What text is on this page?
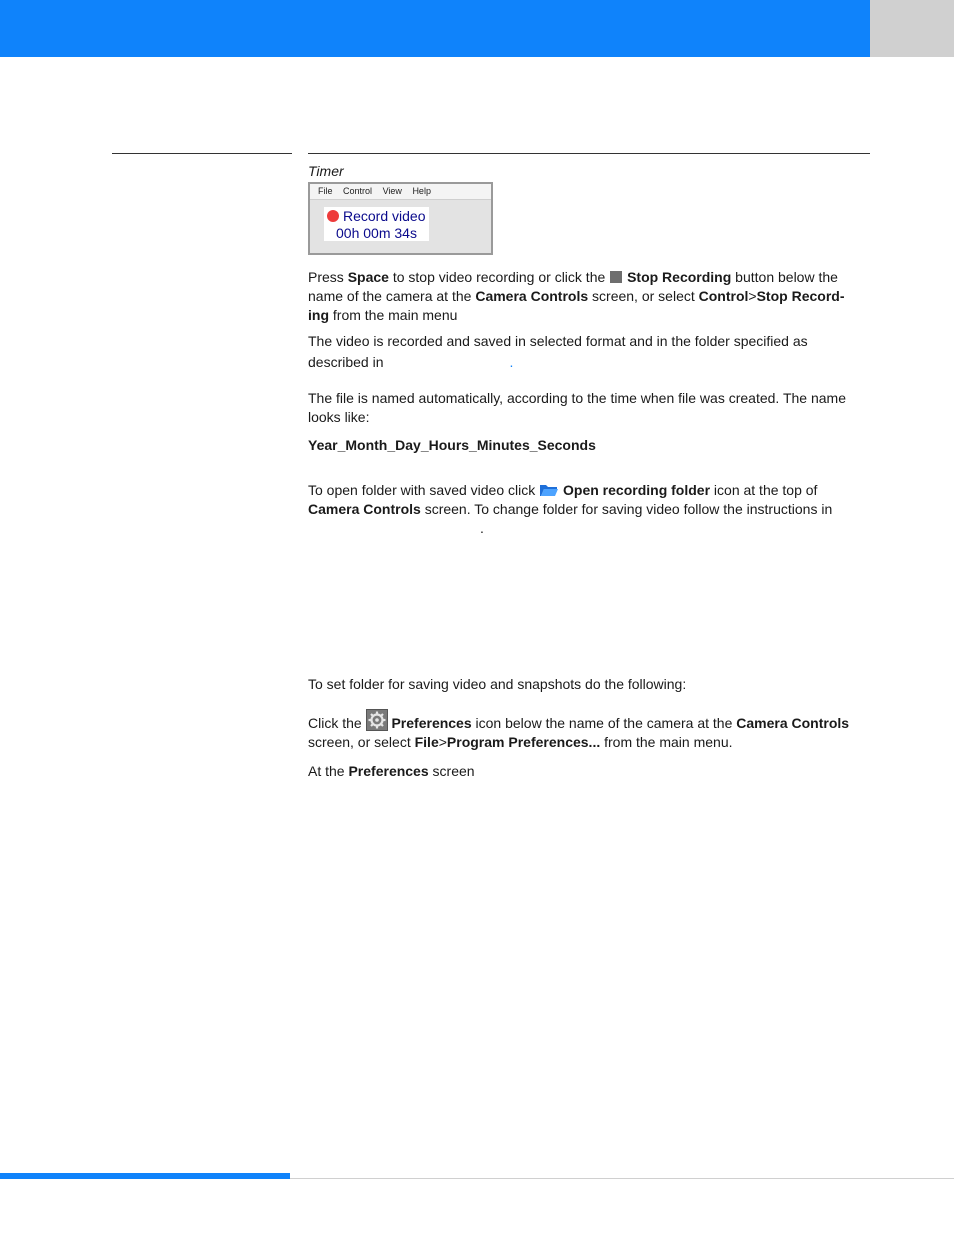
Timer

File Control View Help
Record video
00h 00m 34s

Press Space to stop video recording or click the  Stop Recording button below the name of the camera at the Camera Controls screen, or select Control>Stop Record-
ing from the main menu

The video is recorded and saved in selected format and in the folder specified as
described in	.

The file is named automatically, according to the time when file was created. The name looks like:

Year_Month_Day_Hours_Minutes_Seconds

To open folder with saved video click  Open recording folder icon at the top of
Camera Controls screen. To change folder for saving video follow the instructions in
.

To set folder for saving video and snapshots do the following:

Click the  Preferences icon below the name of the camera at the Camera Controls
screen, or select File>Program Preferences... from the main menu.

At the Preferences screen
